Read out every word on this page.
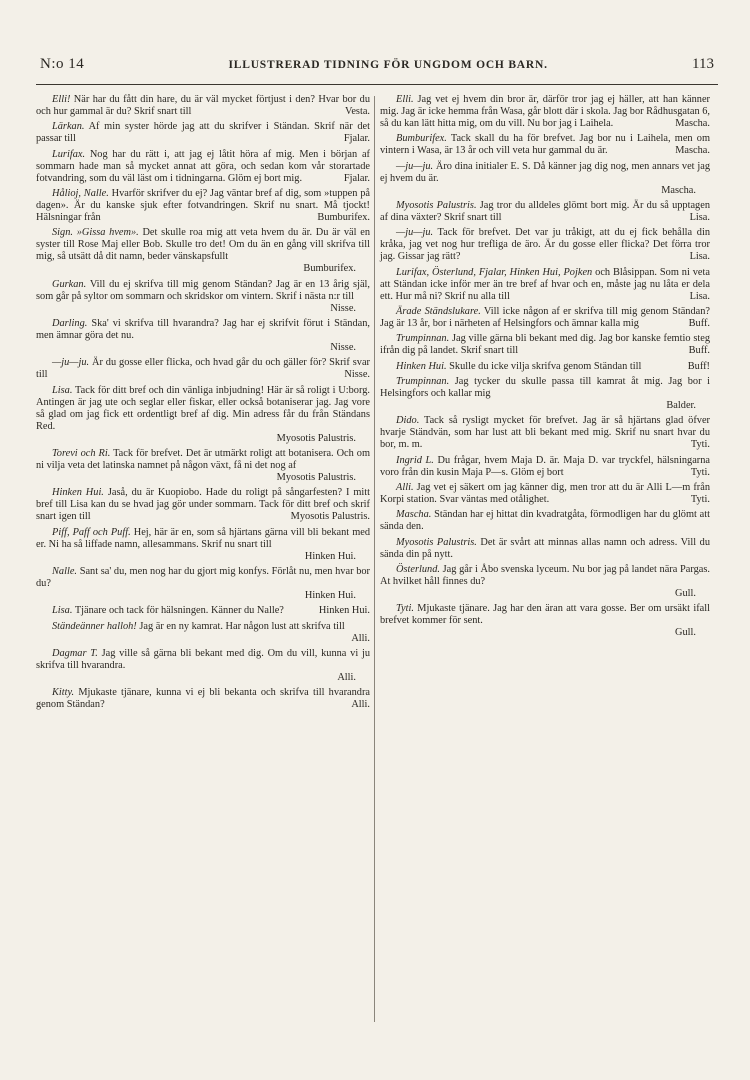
N:o 14	ILLUSTRERAD TIDNING FÖR UNGDOM OCH BARN.	113

Elli! När har du fått din hare, du är väl mycket förtjust i den? Hvar bor du och hur gammal är du? Skrif snart till	Vesta.

Lärkan. Af min syster hörde jag att du skrifver i Ständan. Skrif när det passar till	Fjalar.

Lurifax. Nog har du rätt i, att jag ej låtit höra af mig. Men i början af sommarn hade man så mycket annat att göra, och sedan kom vår storartade fotvandring, som du väl läst om i tidningarna. Glöm ej bort mig.	Fjalar.

Hålioj, Nalle. Hvarför skrifver du ej? Jag väntar bref af dig, som »tuppen på dagen». Är du kanske sjuk efter fotvandringen. Skrif nu snart. Må tjockt! Hälsningar från	Bumburifex.

Sign. »Gissa hvem». Det skulle roa mig att veta hvem du är. Du är väl en syster till Rose Maj eller Bob. Skulle tro det! Om du än en gång vill skrifva till mig, så utsätt då dit namn, beder vänskapsfullt

Bumburifex.

Gurkan. Vill du ej skrifva till mig genom Ständan? Jag är en 13 årig själ, som går på syltor om sommarn och skridskor om vintern. Skrif i nästa n:r till

Nisse.

Darling. Ska' vi skrifva till hvarandra? Jag har ej skrifvit förut i Ständan, men ämnar göra det nu.

Nisse.

—ju—ju. Är du gosse eller flicka, och hvad går du och gäller för? Skrif svar till	Nisse.

Lisa. Tack för ditt bref och din vänliga inbjudning! Här är så roligt i U:borg. Antingen är jag ute och seglar eller fiskar, eller också botaniserar jag. Jag vore så glad om jag fick ett ordentligt bref af dig. Min adress får du från Ständans Red.

Myosotis Palustris.

Torevi och Ri. Tack för brefvet. Det är utmärkt roligt att botanisera. Och om ni vilja veta det latinska namnet på någon växt, få ni det nog af

Myosotis Palustris.

Hinken Hui. Jaså, du är Kuopiobo. Hade du roligt på sångarfesten? I mitt bref till Lisa kan du se hvad jag gör under sommarn. Tack för ditt bref och skrif snart igen till	Myosotis Palustris.

Piff, Paff och Puff. Hej, här är en, som så hjärtans gärna vill bli bekant med er. Ni ha så liffade namn, allesammans. Skrif nu snart till

Hinken Hui.

Nalle. Sant sa' du, men nog har du gjort mig konfys. Förlåt nu, men hvar bor du?

Hinken Hui.

Lisa. Tjänare och tack för hälsningen. Känner du Nalle?	Hinken Hui.

Ständeänner halloh! Jag är en ny kamrat. Har någon lust att skrifva till
Alli.

Dagmar T. Jag ville så gärna bli bekant med dig. Om du vill, kunna vi ju skrifva till hvarandra.

Alli.

Kitty. Mjukaste tjänare, kunna vi ej bli bekanta och skrifva till hvarandra genom Ständan?	Alli.

Elli. Jag vet ej hvem din bror är, därför tror jag ej häller, att han känner mig. Jag är icke hemma från Wasa, går blott där i skola. Jag bor Rådhusgatan 6, så du kan lätt hitta mig, om du vill. Nu bor jag i Laihela.	Mascha.

Bumburifex. Tack skall du ha för brefvet. Jag bor nu i Laihela, men om vintern i Wasa, är 13 år och vill veta hur gammal du är.	Mascha.

—ju—ju. Äro dina initialer E. S. Då känner jag dig nog, men annars vet jag ej hvem du är.

Mascha.

Myosotis Palustris. Jag tror du alldeles glömt bort mig. Är du så upptagen af dina växter? Skrif snart till	Lisa.

—ju—ju. Tack för brefvet. Det var ju tråkigt, att du ej fick behålla din kråka, jag vet nog hur trefliga de äro. Är du gosse eller flicka? Det förra tror jag. Gissar jag rätt?	Lisa.

Lurifax, Österlund, Fjalar, Hinken Hui, Pojken och Blåsippan. Som ni veta att Ständan icke inför mer än tre bref af hvar och en, måste jag nu låta er dela ett. Hur må ni? Skrif nu alla till	Lisa.

Ärade Ständslukare. Vill icke någon af er skrifva till mig genom Ständan? Jag är 13 år, bor i närheten af Helsingfors och ämnar kalla mig	Buff.

Trumpinnan. Jag ville gärna bli bekant med dig. Jag bor kanske femtio steg ifrån dig på landet. Skrif snart till	Buff.

Hinken Hui. Skulle du icke vilja skrifva genom Ständan till	Buff!

Trumpinnan. Jag tycker du skulle passa till kamrat åt mig. Jag bor i Helsingfors och kallar mig

Balder.

Dido. Tack så rysligt mycket för brefvet. Jag är så hjärtans glad öfver hvarje Ständvän, som har lust att bli bekant med mig. Skrif nu snart hvar du bor, m. m.	Tyti.

Ingrid L. Du frågar, hvem Maja D. är. Maja D. var tryckfel, hälsningarna voro från din kusin Maja P—s. Glöm ej bort	Tyti.

Alli. Jag vet ej säkert om jag känner dig, men tror att du är Alli L—m från Korpi station. Svar väntas med otålighet.	Tyti.

Mascha. Ständan har ej hittat din kvadratgåta, förmodligen har du glömt att sända den.

Myosotis Palustris. Det är svårt att minnas allas namn och adress. Vill du sända din på nytt.

Österlund. Jag går i Åbo svenska lyceum. Nu bor jag på landet nära Pargas. At hvilket håll finnes du?

Gull.

Tyti. Mjukaste tjänare. Jag har den äran att vara gosse. Ber om ursäkt ifall brefvet kommer för sent.

Gull.
